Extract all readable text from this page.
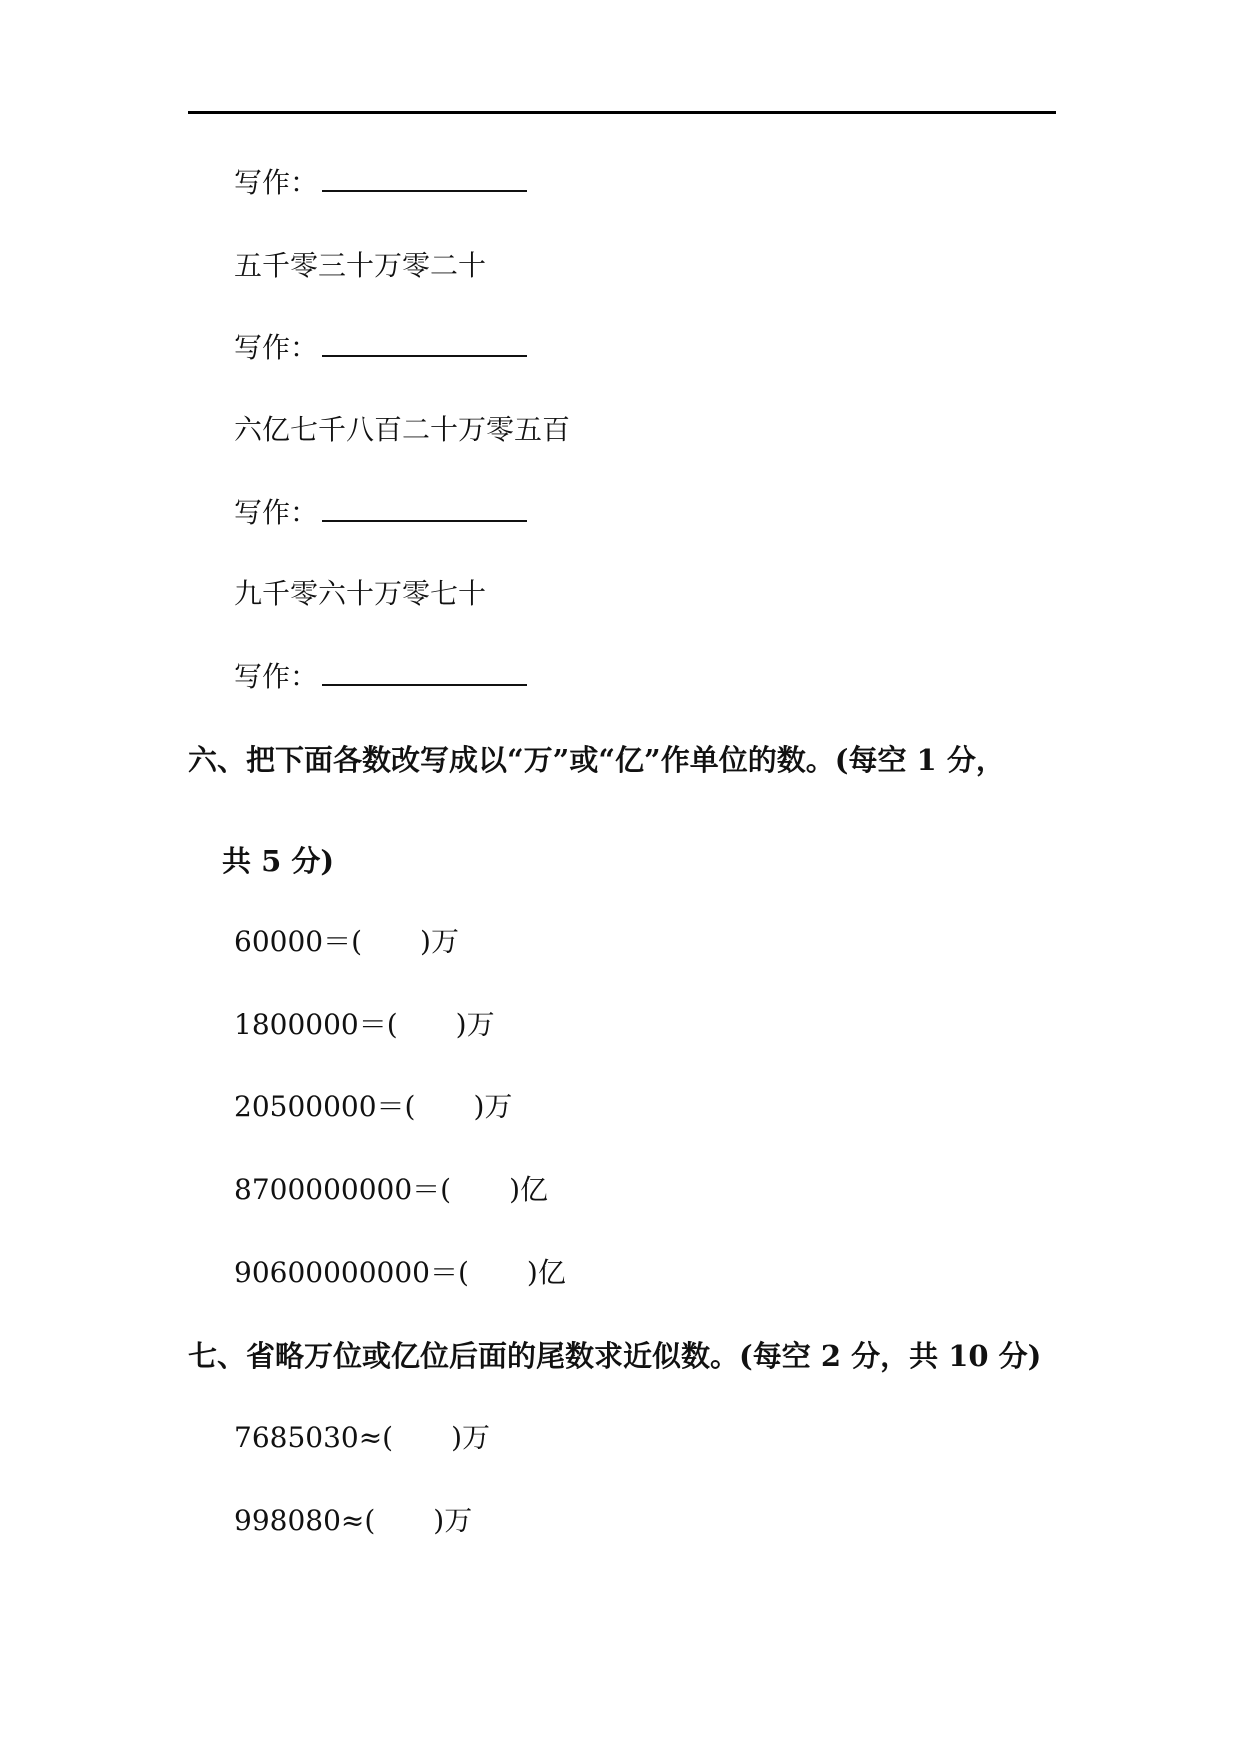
写作：
五千零三十万零二十
写作：
六亿七千八百二十万零五百
写作：
九千零六十万零七十
写作：
六、把下面各数改写成以“万”或“亿”作单位的数。(每空 1 分，
共 5 分)
60000＝( )万
1800000＝( )万
20500000＝( )万
8700000000＝( )亿
90600000000＝( )亿
七、省略万位或亿位后面的尾数求近似数。(每空 2 分，共 10 分)
7685030≈( )万
998080≈( )万
